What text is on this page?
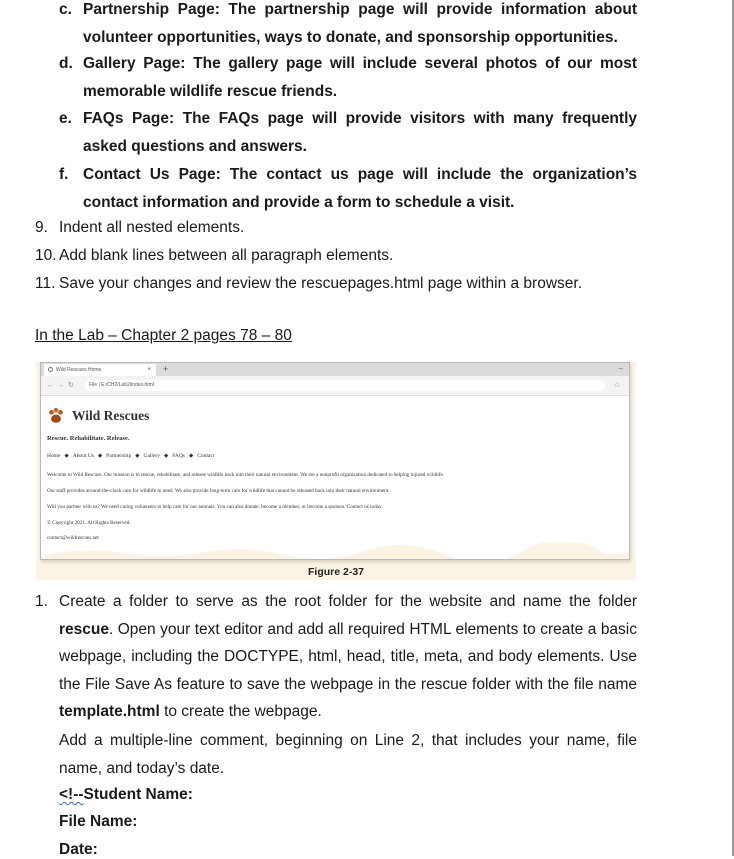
c. Partnership Page: The partnership page will provide information about volunteer opportunities, ways to donate, and sponsorship opportunities.
d. Gallery Page: The gallery page will include several photos of our most memorable wildlife rescue friends.
e. FAQs Page: The FAQs page will provide visitors with many frequently asked questions and answers.
f. Contact Us Page: The contact us page will include the organization’s contact information and provide a form to schedule a visit.
9. Indent all nested elements.
10. Add blank lines between all paragraph elements.
11. Save your changes and review the rescuepages.html page within a browser.
In the Lab – Chapter 2 pages 78 – 80
Wild Rescues Home	× +	–
← → ↻	File | E:/CH2/Lab2/index.html	☆
Wild Rescues
Rescue. Rehabilitate. Release.
Home ◆ About Us ◆ Partnership ◆ Gallery ◆ FAQs ◆ Contact
Welcome to Wild Rescues. Our mission is to rescue, rehabilitate, and release wildlife back into their natural environment. We are a nonprofit organization dedicated to helping injured wildlife.
Our staff provides around-the-clock care for wildlife in need. We also provide long-term care for wildlife that cannot be released back into their natural environment.
Will you partner with us? We need caring volunteers to help care for our animals. You can also donate, become a member, or become a sponsor. Contact us today.
© Copyright 2021. All Rights Reserved.
contact@wildrescues.net
Figure 2-37
1. Create a folder to serve as the root folder for the website and name the folder rescue. Open your text editor and add all required HTML elements to create a basic webpage, including the DOCTYPE, html, head, title, meta, and body elements. Use the File Save As feature to save the webpage in the rescue folder with the file name template.html to create the webpage.
Add a multiple-line comment, beginning on Line 2, that includes your name, file name, and today’s date.
<!--Student Name:
File Name:
Date:
